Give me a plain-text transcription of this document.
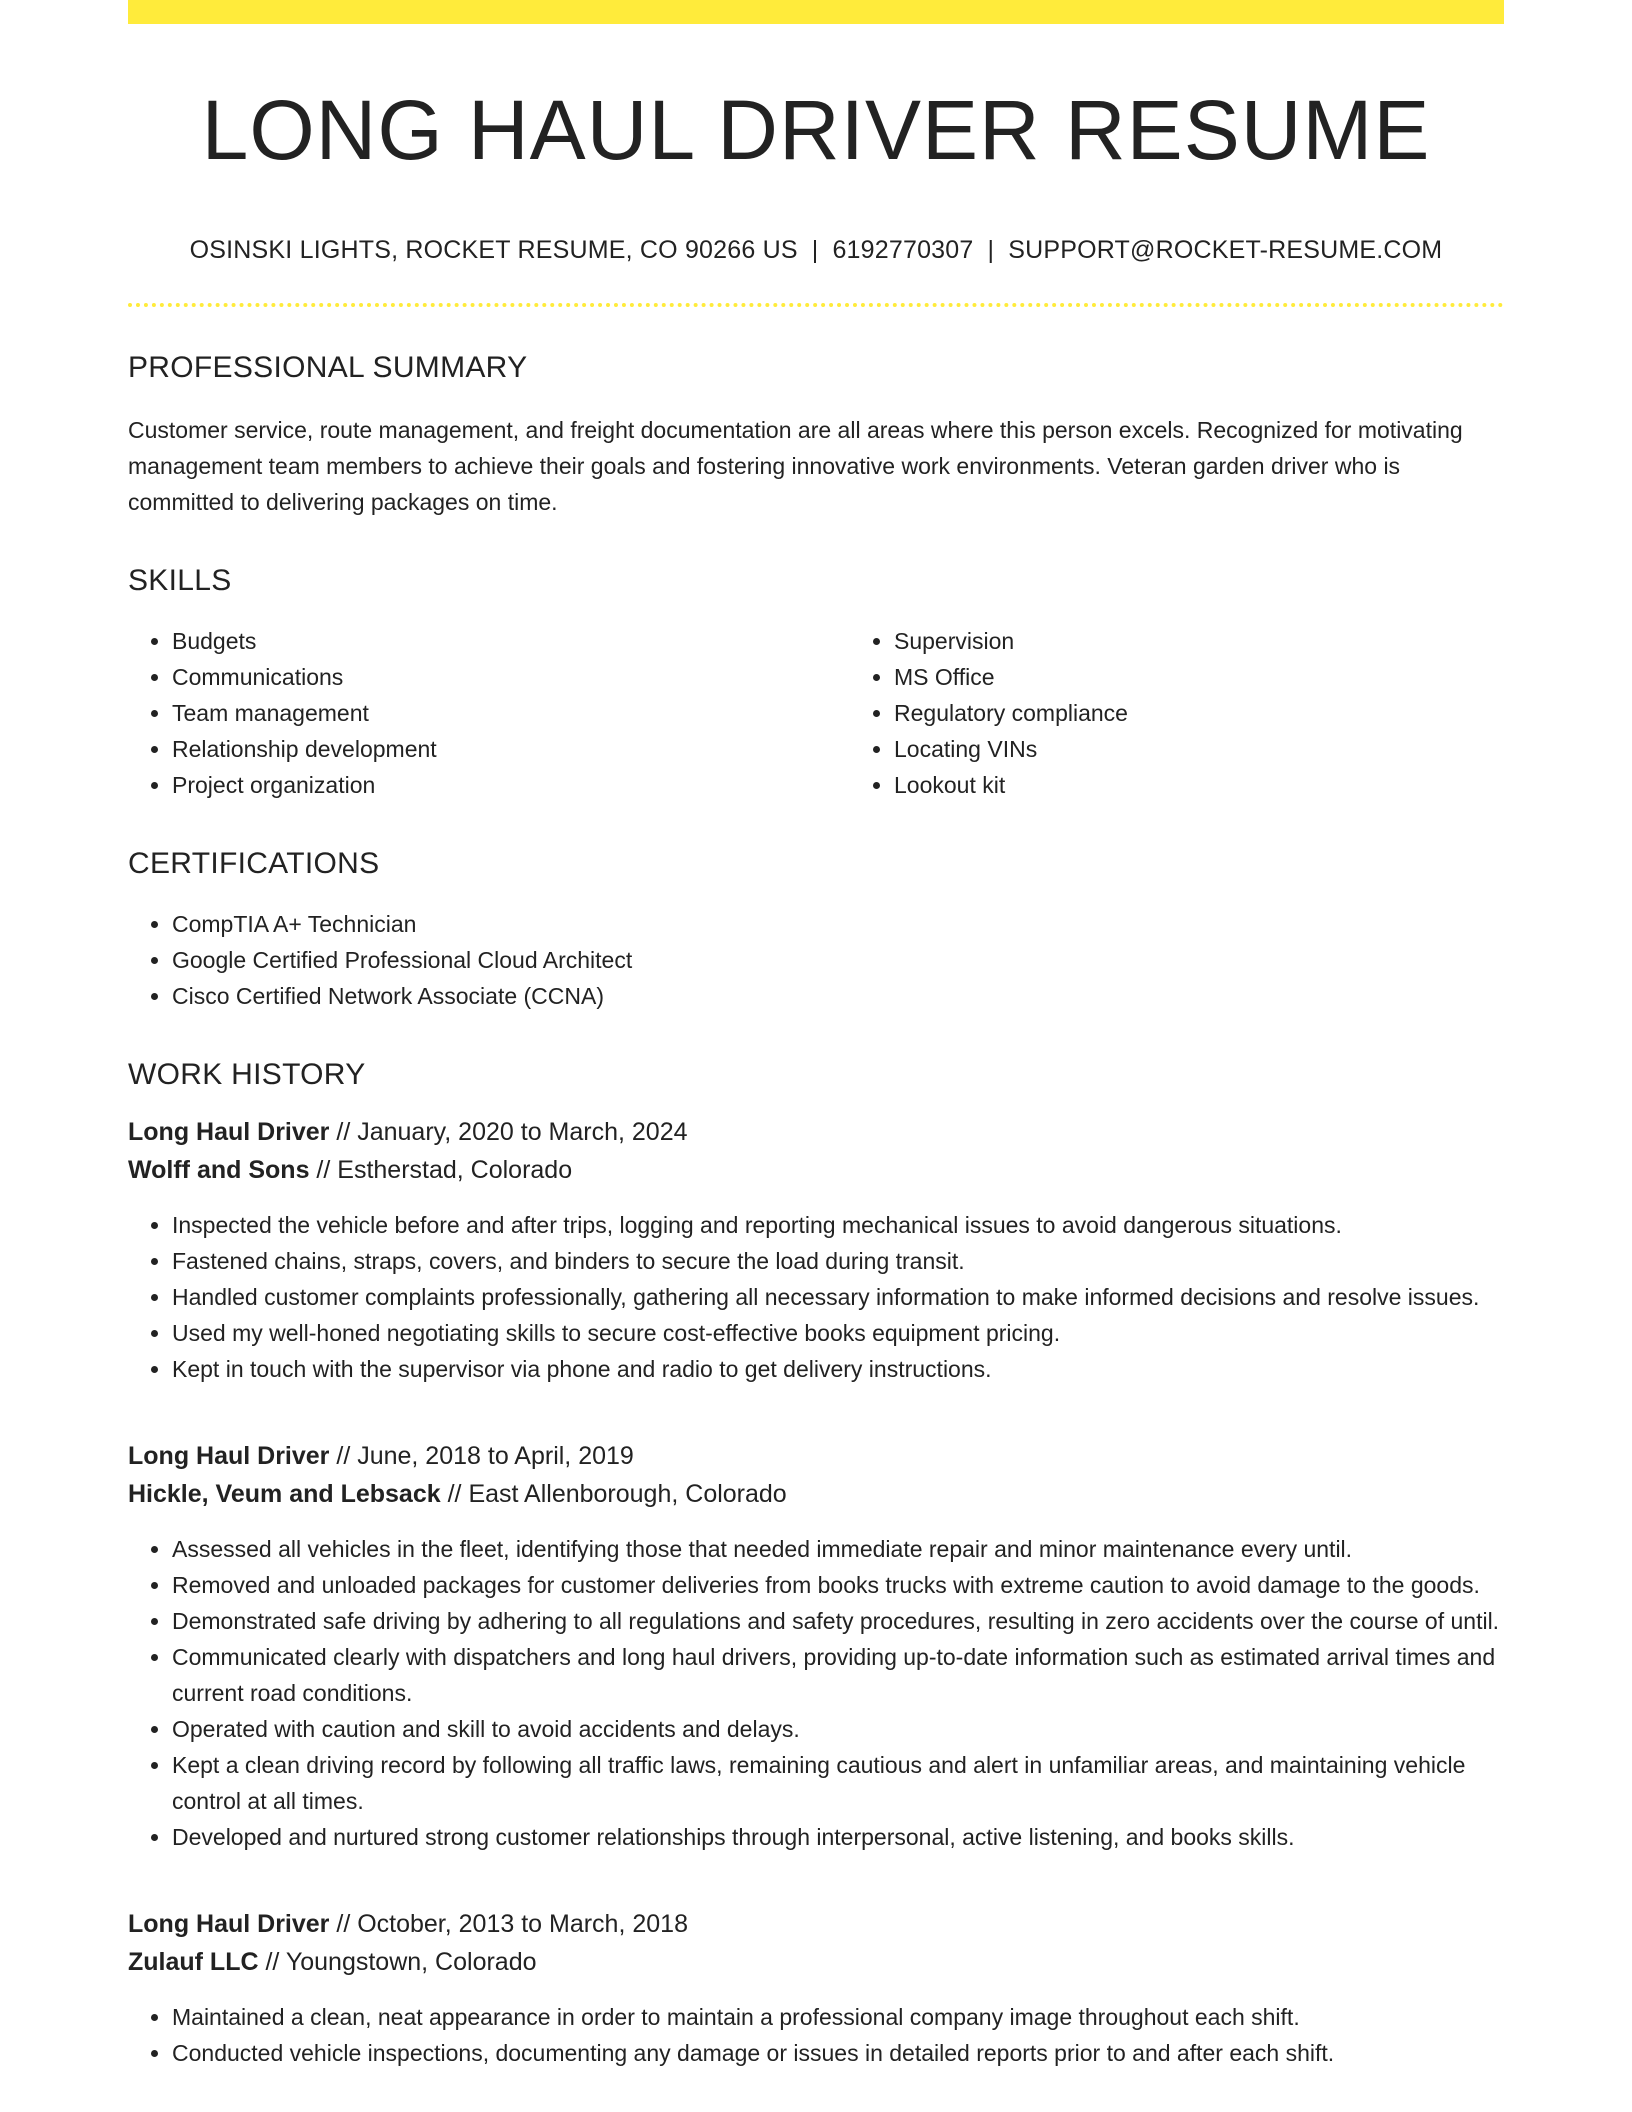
LONG HAUL DRIVER RESUME
OSINSKI LIGHTS, ROCKET RESUME, CO 90266 US | 6192770307 | SUPPORT@ROCKET-RESUME.COM
PROFESSIONAL SUMMARY

Customer service, route management, and freight documentation are all areas where this person excels. Recognized for motivating management team members to achieve their goals and fostering innovative work environments. Veteran garden driver who is committed to delivering packages on time.

SKILLS
• Budgets
• Communications
• Team management
• Relationship development
• Project organization
• Supervision
• MS Office
• Regulatory compliance
• Locating VINs
• Lookout kit
CERTIFICATIONS
• CompTIA A+ Technician
• Google Certified Professional Cloud Architect
• Cisco Certified Network Associate (CCNA)
WORK HISTORY
Long Haul Driver // January, 2020 to March, 2024
Wolff and Sons // Estherstad, Colorado
• Inspected the vehicle before and after trips, logging and reporting mechanical issues to avoid dangerous situations.
• Fastened chains, straps, covers, and binders to secure the load during transit.
• Handled customer complaints professionally, gathering all necessary information to make informed decisions and resolve issues.
• Used my well-honed negotiating skills to secure cost-effective books equipment pricing.
• Kept in touch with the supervisor via phone and radio to get delivery instructions.
Long Haul Driver // June, 2018 to April, 2019
Hickle, Veum and Lebsack // East Allenborough, Colorado
• Assessed all vehicles in the fleet, identifying those that needed immediate repair and minor maintenance every until.
• Removed and unloaded packages for customer deliveries from books trucks with extreme caution to avoid damage to the goods.
• Demonstrated safe driving by adhering to all regulations and safety procedures, resulting in zero accidents over the course of until.
• Communicated clearly with dispatchers and long haul drivers, providing up-to-date information such as estimated arrival times and current road conditions.
• Operated with caution and skill to avoid accidents and delays.
• Kept a clean driving record by following all traffic laws, remaining cautious and alert in unfamiliar areas, and maintaining vehicle control at all times.
• Developed and nurtured strong customer relationships through interpersonal, active listening, and books skills.
Long Haul Driver // October, 2013 to March, 2018
Zulauf LLC // Youngstown, Colorado
• Maintained a clean, neat appearance in order to maintain a professional company image throughout each shift.
• Conducted vehicle inspections, documenting any damage or issues in detailed reports prior to and after each shift.
